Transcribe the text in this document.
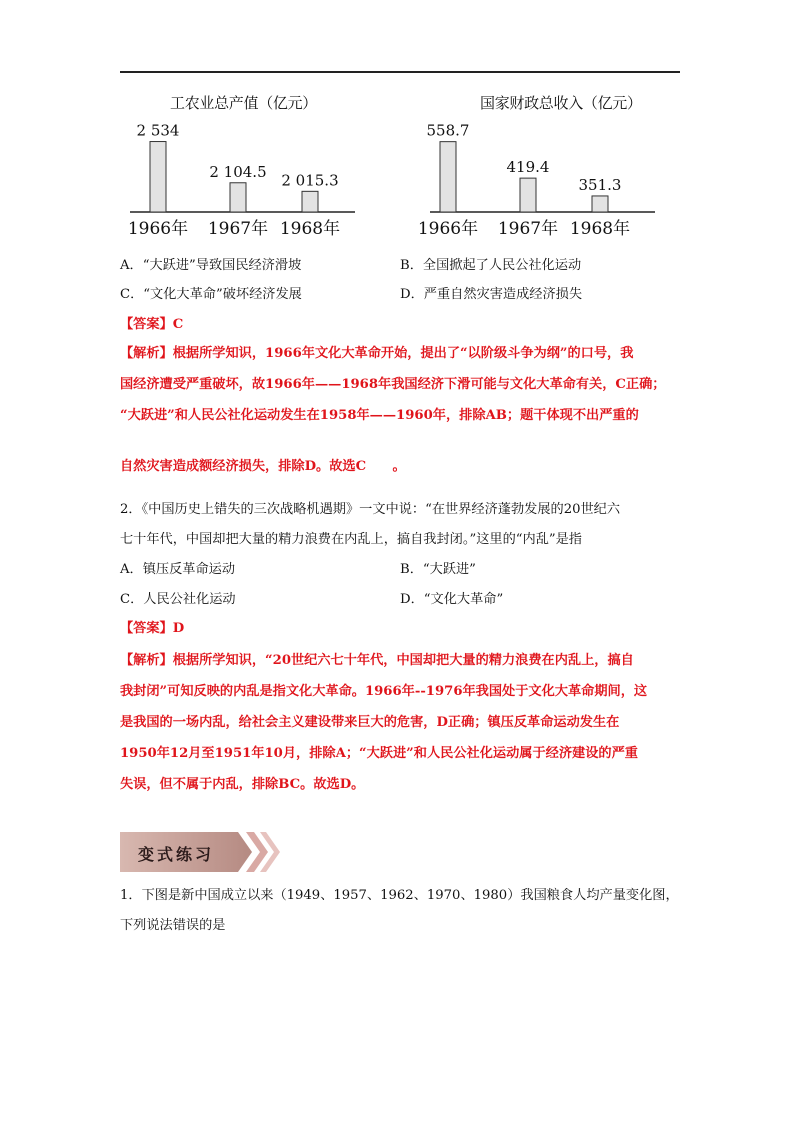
工农业总产值（亿元）
2 534
1966年
2 104.5
1967年
2 015.3
1968年
国家财政总收入（亿元）
558.7
1966年
419.4
1967年
351.3
1968年
A．“大跃进”导致国民经济滑坡	B．全国掀起了人民公社化运动
C．“文化大革命”破坏经济发展	D．严重自然灾害造成经济损失
【答案】C
【解析】根据所学知识，1966年文化大革命开始，提出了“以阶级斗争为纲”的口号，我
国经济遭受严重破坏，故1966年——1968年我国经济下滑可能与文化大革命有关，C正确；
“大跃进”和人民公社化运动发生在1958年——1960年，排除AB；题干体现不出严重的
自然灾害造成额经济损失，排除D。故选C　　。
2．《中国历史上错失的三次战略机遇期》一文中说：“在世界经济蓬勃发展的20世纪六
七十年代，中国却把大量的精力浪费在内乱上，搞自我封闭。”这里的“内乱”是指
A．镇压反革命运动	B．“大跃进”
C．人民公社化运动	D．“文化大革命”
【答案】D
【解析】根据所学知识，“20世纪六七十年代，中国却把大量的精力浪费在内乱上，搞自
我封闭”可知反映的内乱是指文化大革命。1966年--1976年我国处于文化大革命期间，这
是我国的一场内乱，给社会主义建设带来巨大的危害，D正确；镇压反革命运动发生在
1950年12月至1951年10月，排除A；“大跃进”和人民公社化运动属于经济建设的严重
失误，但不属于内乱，排除BC。故选D。
变式练习
1．下图是新中国成立以来（1949、1957、1962、1970、1980）我国粮食人均产量变化图，
下列说法错误的是
